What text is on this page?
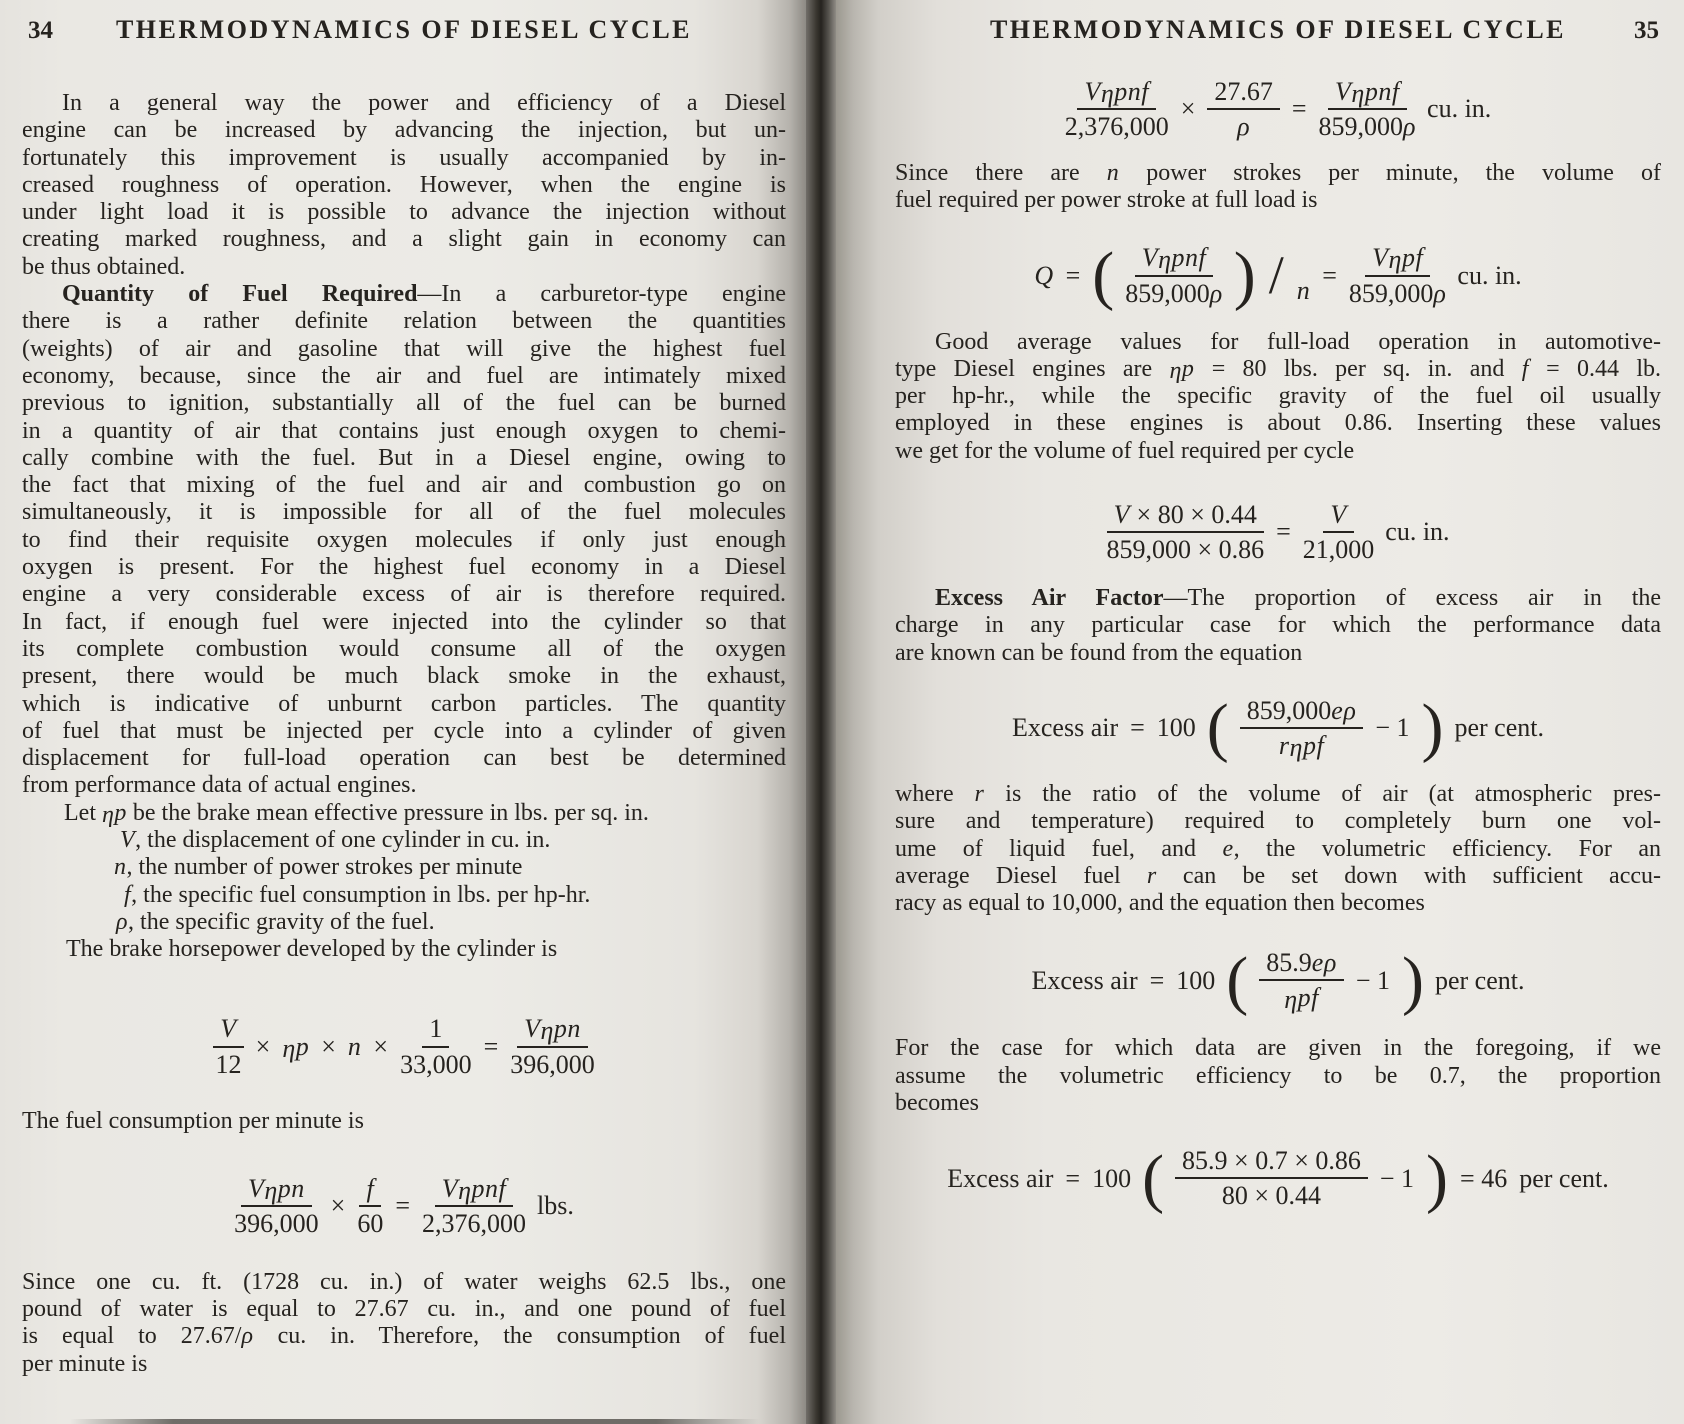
34	THERMODYNAMICS OF DIESEL CYCLE
In a general way the power and efficiency of a Diesel
engine can be increased by advancing the injection, but un-
fortunately this improvement is usually accompanied by in-
creased roughness of operation. However, when the engine is
under light load it is possible to advance the injection without
creating marked roughness, and a slight gain in economy can
be thus obtained.
Quantity of Fuel Required—In a carburetor-type engine
there is a rather definite relation between the quantities
(weights) of air and gasoline that will give the highest fuel
economy, because, since the air and fuel are intimately mixed
previous to ignition, substantially all of the fuel can be burned
in a quantity of air that contains just enough oxygen to chemi-
cally combine with the fuel. But in a Diesel engine, owing to
the fact that mixing of the fuel and air and combustion go on
simultaneously, it is impossible for all of the fuel molecules
to find their requisite oxygen molecules if only just enough
oxygen is present. For the highest fuel economy in a Diesel
engine a very considerable excess of air is therefore required.
In fact, if enough fuel were injected into the cylinder so that
its complete combustion would consume all of the oxygen
present, there would be much black smoke in the exhaust,
which is indicative of unburnt carbon particles. The quantity
of fuel that must be injected per cycle into a cylinder of given
displacement for full-load operation can best be determined
from performance data of actual engines.
Let ηp be the brake mean effective pressure in lbs. per sq. in.
V, the displacement of one cylinder in cu. in.
n, the number of power strokes per minute
f, the specific fuel consumption in lbs. per hp-hr.
ρ, the specific gravity of the fuel.
The brake horsepower developed by the cylinder is
$\frac{V}{12} \times \eta p \times n \times \frac{1}{33,000} = \frac{\text{Vηpn}}{396,000}$
The fuel consumption per minute is
$\frac{\text{Vηpn}}{396,000} \times \frac{f}{60} = \frac{\text{Vηpnf}}{2,376,000}$ lbs.
Since one cu. ft. (1728 cu. in.) of water weighs 62.5 lbs., one
pound of water is equal to 27.67 cu. in., and one pound of fuel
is equal to 27.67/ρ cu. in. Therefore, the consumption of fuel
per minute is
THERMODYNAMICS OF DIESEL CYCLE	35
$\frac{\text{Vηpnf}}{2,376,000} \times \frac{27.67}{\rho} = \frac{\text{Vηpnf}}{859,000\rho}$ cu. in.
Since there are n power strokes per minute, the volume of
fuel required per power stroke at full load is
Q = ( $\frac{\text{Vηpnf}}{859,000\rho}$ ) / n
= $\frac{\text{Vηpf}}{859,000\rho}$ cu. in.
Good average values for full-load operation in automotive-
type Diesel engines are ηp = 80 lbs. per sq. in. and f = 0.44 lb.
per hp-hr., while the specific gravity of the fuel oil usually
employed in these engines is about 0.86. Inserting these values
we get for the volume of fuel required per cycle
$\frac{V \times 80 \times 0.44}{859,000 \times 0.86} = \frac{V}{21,000}$ cu. in.
Excess Air Factor—The proportion of excess air in the
charge in any particular case for which the performance data
are known can be found from the equation
Excess air = 100 ( $\frac{859,000e\rho}{\text{rηpf}} - 1$ ) per cent.
where r is the ratio of the volume of air (at atmospheric pres-
sure and temperature) required to completely burn one vol-
ume of liquid fuel, and e, the volumetric efficiency. For an
average Diesel fuel r can be set down with sufficient accu-
racy as equal to 10,000, and the equation then becomes
Excess air = 100 ( $\frac{85.9e\rho}{\text{ηpf}} - 1$ ) per cent.
For the case for which data are given in the foregoing, if we
assume the volumetric efficiency to be 0.7, the proportion
becomes
Excess air = 100 ( $\frac{85.9 \times 0.7 \times 0.86}{80 \times 0.44} - 1$ ) = 46 per cent.
